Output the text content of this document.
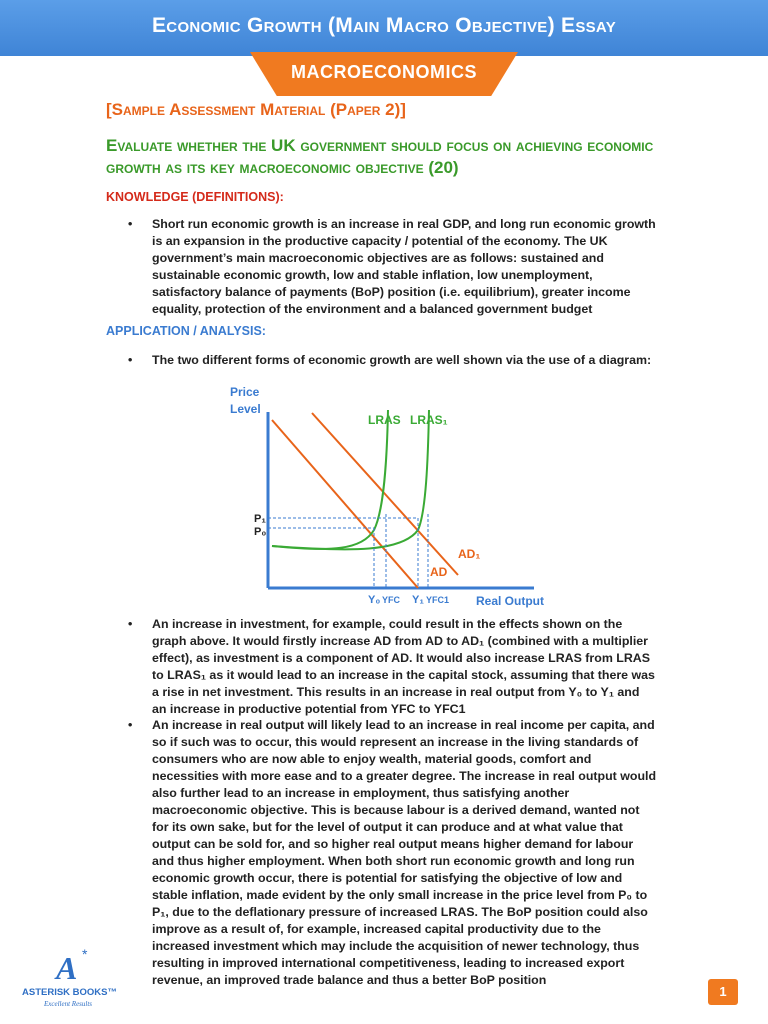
Economic Growth (Main Macro Objective) Essay
MACROECONOMICS
[Sample Assessment Material (Paper 2)]
Evaluate whether the UK government should focus on achieving economic growth as its key macroeconomic objective (20)
KNOWLEDGE (DEFINITIONS):
• Short run economic growth is an increase in real GDP, and long run economic growth is an expansion in the productive capacity / potential of the economy. The UK government’s main macroeconomic objectives are as follows: sustained and sustainable economic growth, low and stable inflation, low unemployment, satisfactory balance of payments (BoP) position (i.e. equilibrium), greater income equality, protection of the environment and a balanced government budget
APPLICATION / ANALYSIS:
• The two different forms of economic growth are well shown via the use of a diagram:
Price
Level
LRAS LRAS₁
AD₁
AD
P₁
P₀
Y₀ YFC Y₁ YFC1 Real Output
• An increase in investment, for example, could result in the effects shown on the graph above. It would firstly increase AD from AD to AD₁ (combined with a multiplier effect), as investment is a component of AD. It would also increase LRAS from LRAS to LRAS₁ as it would lead to an increase in the capital stock, assuming that there was a rise in net investment. This results in an increase in real output from Y₀ to Y₁ and an increase in productive potential from YFC to YFC1
• An increase in real output will likely lead to an increase in real income per capita, and so if such was to occur, this would represent an increase in the living standards of consumers who are now able to enjoy wealth, material goods, comfort and necessities with more ease and to a greater degree. The increase in real output would also further lead to an increase in employment, thus satisfying another macroeconomic objective. This is because labour is a derived demand, wanted not for its own sake, but for the level of output it can produce and at what value that output can be sold for, and so higher real output means higher demand for labour and thus higher employment. When both short run economic growth and long run economic growth occur, there is potential for satisfying the objective of low and stable inflation, made evident by the only small increase in the price level from P₀ to P₁, due to the deflationary pressure of increased LRAS. The BoP position could also improve as a result of, for example, increased capital productivity due to the increased investment which may include the acquisition of newer technology, thus resulting in improved international competitiveness, leading to increased export revenue, an improved trade balance and thus a better BoP position
A *
ASTERISK BOOKS™
Excellent Results
1
